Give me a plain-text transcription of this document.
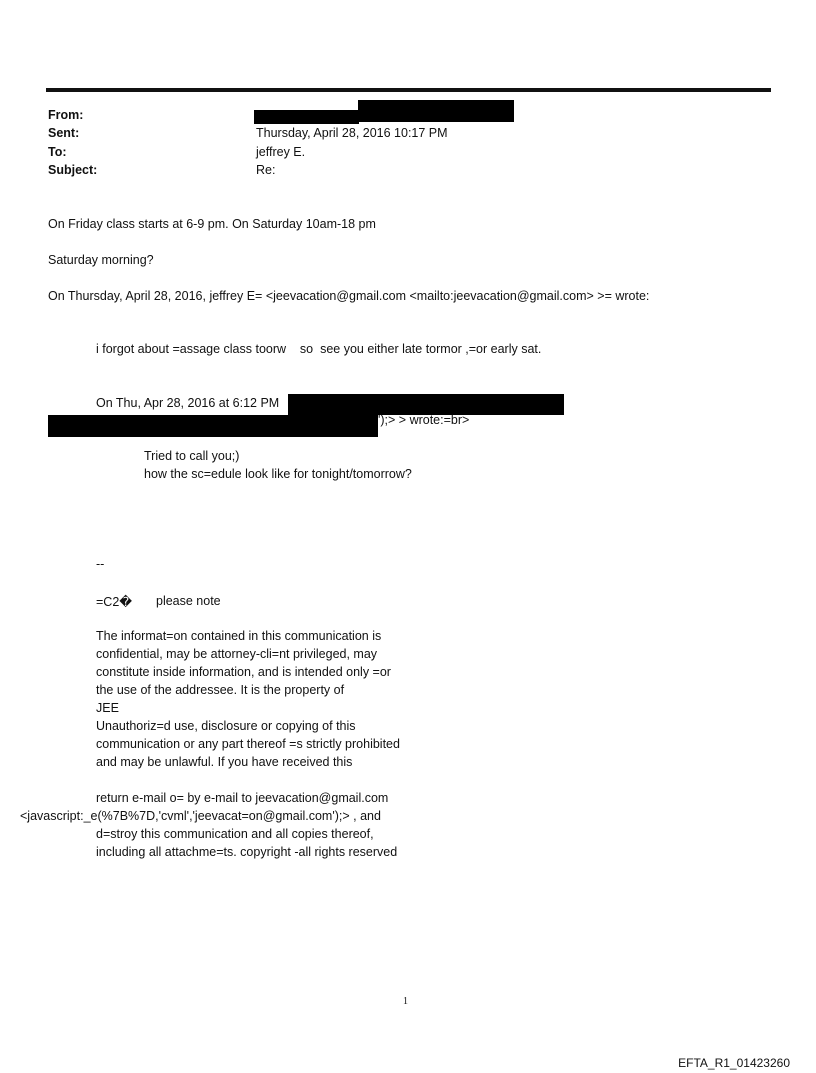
From:
Sent:	Thursday, April 28, 2016 10:17 PM
To:	jeffrey E.
Subject:	Re:
On Friday class starts at 6-9 pm. On Saturday 10am-18 pm
Saturday morning?
On Thursday, April 28, 2016, jeffrey E= <jeevacation@gmail.com <mailto:jeevacation@gmail.com> >= wrote:
i forgot about =assage class toorw    so  see you either late tormor ,=or early sat.
On Thu, Apr 28, 2016 at 6:12 PM
');> > wrote:=br>
Tried to call you;)
how the sc=edule look like for tonight/tomorrow?
--
=C2� please note
The informat=on contained in this communication is
confidential, may be attorney-cli=nt privileged, may
constitute inside information, and is intended only =or
the use of the addressee. It is the property of
JEE
Unauthoriz=d use, disclosure or copying of this
communication or any part thereof =s strictly prohibited
and may be unlawful. If you have received this
return e-mail o= by e-mail to jeevacation@gmail.com
<javascript:_e(%7B%7D,'cvml','jeevacat=on@gmail.com');> , and
d=stroy this communication and all copies thereof,
including all attachme=ts. copyright -all rights reserved
1
EFTA_R1_01423260
